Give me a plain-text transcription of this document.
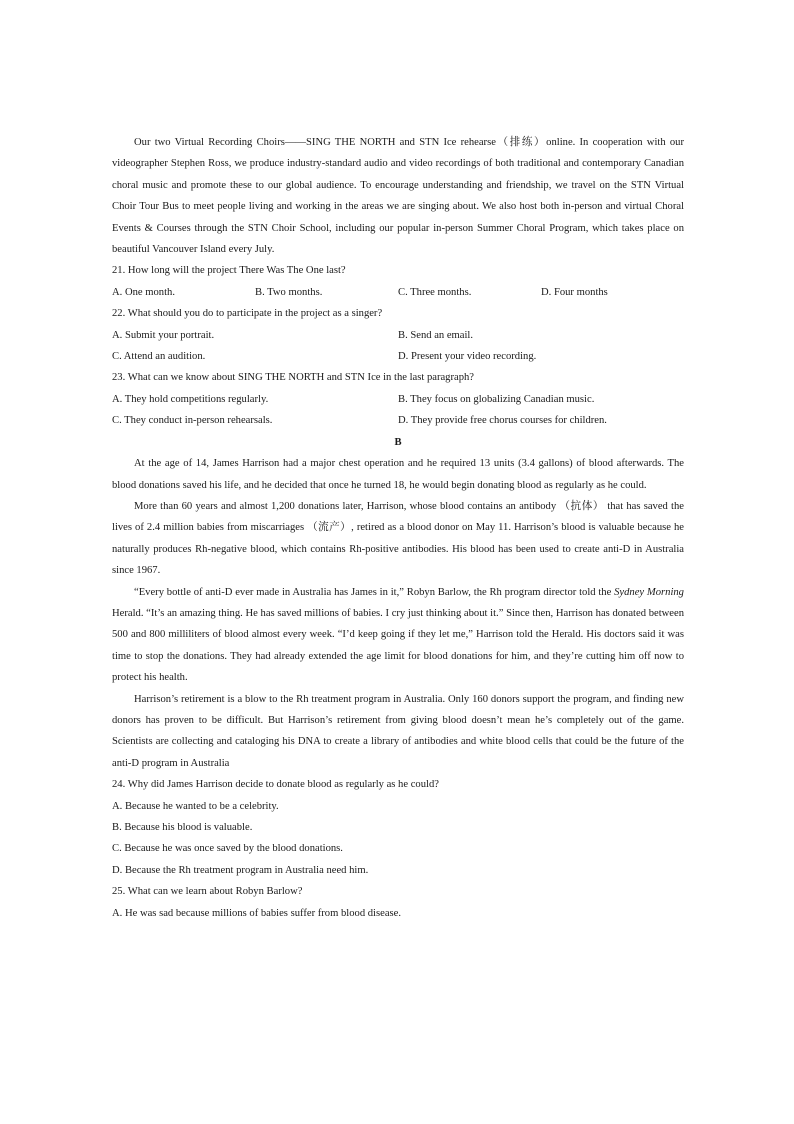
Our two Virtual Recording Choirs——SING THE NORTH and STN Ice rehearse（排练）online. In cooperation with our videographer Stephen Ross, we produce industry-standard audio and video recordings of both traditional and contemporary Canadian choral music and promote these to our global audience. To encourage understanding and friendship, we travel on the STN Virtual Choir Tour Bus to meet people living and working in the areas we are singing about. We also host both in-person and virtual Choral Events & Courses through the STN Choir School, including our popular in-person Summer Choral Program, which takes place on beautiful Vancouver Island every July.

21. How long will the project There Was The One last?

A. One month.	B. Two months.	C. Three months.	D. Four months

22. What should you do to participate in the project as a singer?

A. Submit your portrait.	B. Send an email.
C. Attend an audition.	D. Present your video recording.

23. What can we know about SING THE NORTH and STN Ice in the last paragraph?

A. They hold competitions regularly.	B. They focus on globalizing Canadian music.
C. They conduct in-person rehearsals.	D. They provide free chorus courses for children.

B

At the age of 14, James Harrison had a major chest operation and he required 13 units (3.4 gallons) of blood afterwards. The blood donations saved his life, and he decided that once he turned 18, he would begin donating blood as regularly as he could.

More than 60 years and almost 1,200 donations later, Harrison, whose blood contains an antibody （抗体） that has saved the lives of 2.4 million babies from miscarriages （流产）, retired as a blood donor on May 11. Harrison’s blood is valuable because he naturally produces Rh-negative blood, which contains Rh-positive antibodies. His blood has been used to create anti-D in Australia since 1967.

“Every bottle of anti-D ever made in Australia has James in it,” Robyn Barlow, the Rh program director told the Sydney Morning Herald. “It’s an amazing thing. He has saved millions of babies. I cry just thinking about it.” Since then, Harrison has donated between 500 and 800 milliliters of blood almost every week. “I’d keep going if they let me,” Harrison told the Herald. His doctors said it was time to stop the donations. They had already extended the age limit for blood donations for him, and they’re cutting him off now to protect his health.

Harrison’s retirement is a blow to the Rh treatment program in Australia. Only 160 donors support the program, and finding new donors has proven to be difficult. But Harrison’s retirement from giving blood doesn’t mean he’s completely out of the game. Scientists are collecting and cataloging his DNA to create a library of antibodies and white blood cells that could be the future of the anti-D program in Australia

24. Why did James Harrison decide to donate blood as regularly as he could?

A. Because he wanted to be a celebrity.

B. Because his blood is valuable.

C. Because he was once saved by the blood donations.

D. Because the Rh treatment program in Australia need him.

25. What can we learn about Robyn Barlow?

A. He was sad because millions of babies suffer from blood disease.
